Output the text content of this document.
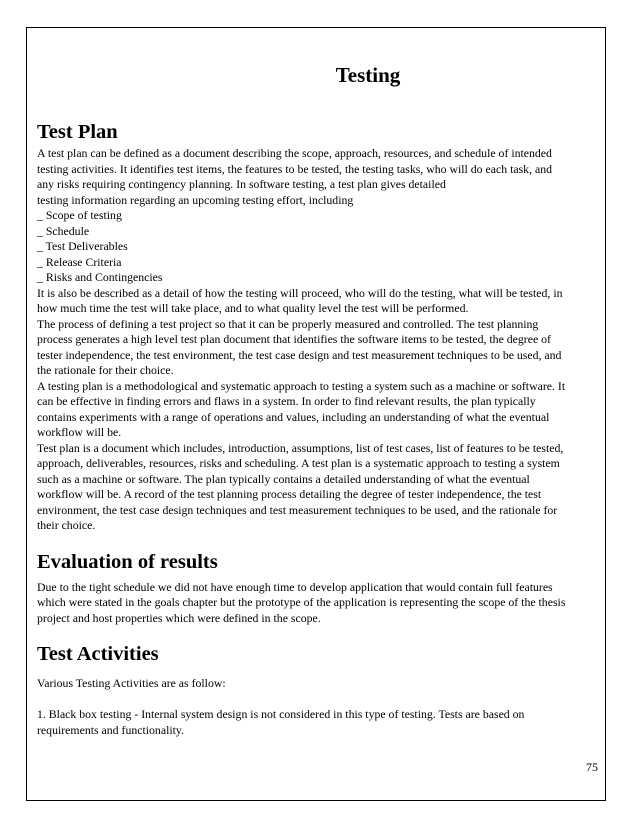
Testing
Test Plan
A test plan can be defined as a document describing the scope, approach, resources, and schedule of intended
testing activities. It identifies test items, the features to be tested, the testing tasks, who will do each task, and
any risks requiring contingency planning. In software testing, a test plan gives detailed
testing information regarding an upcoming testing effort, including
_ Scope of testing
_ Schedule
_ Test Deliverables
_ Release Criteria
_ Risks and Contingencies
It is also be described as a detail of how the testing will proceed, who will do the testing, what will be tested, in
how much time the test will take place, and to what quality level the test will be performed.
The process of defining a test project so that it can be properly measured and controlled. The test planning
process generates a high level test plan document that identifies the software items to be tested, the degree of
tester independence, the test environment, the test case design and test measurement techniques to be used, and
the rationale for their choice.
A testing plan is a methodological and systematic approach to testing a system such as a machine or software. It
can be effective in finding errors and flaws in a system. In order to find relevant results, the plan typically
contains experiments with a range of operations and values, including an understanding of what the eventual
workflow will be.
Test plan is a document which includes, introduction, assumptions, list of test cases, list of features to be tested,
approach, deliverables, resources, risks and scheduling. A test plan is a systematic approach to testing a system
such as a machine or software. The plan typically contains a detailed understanding of what the eventual
workflow will be. A record of the test planning process detailing the degree of tester independence, the test
environment, the test case design techniques and test measurement techniques to be used, and the rationale for
their choice.
Evaluation of results
Due to the tight schedule we did not have enough time to develop application that would contain full features
which were stated in the goals chapter but the prototype of the application is representing the scope of the thesis
project and host properties which were defined in the scope.
Test Activities
Various Testing Activities are as follow:
1. Black box testing - Internal system design is not considered in this type of testing. Tests are based on
requirements and functionality.
75
